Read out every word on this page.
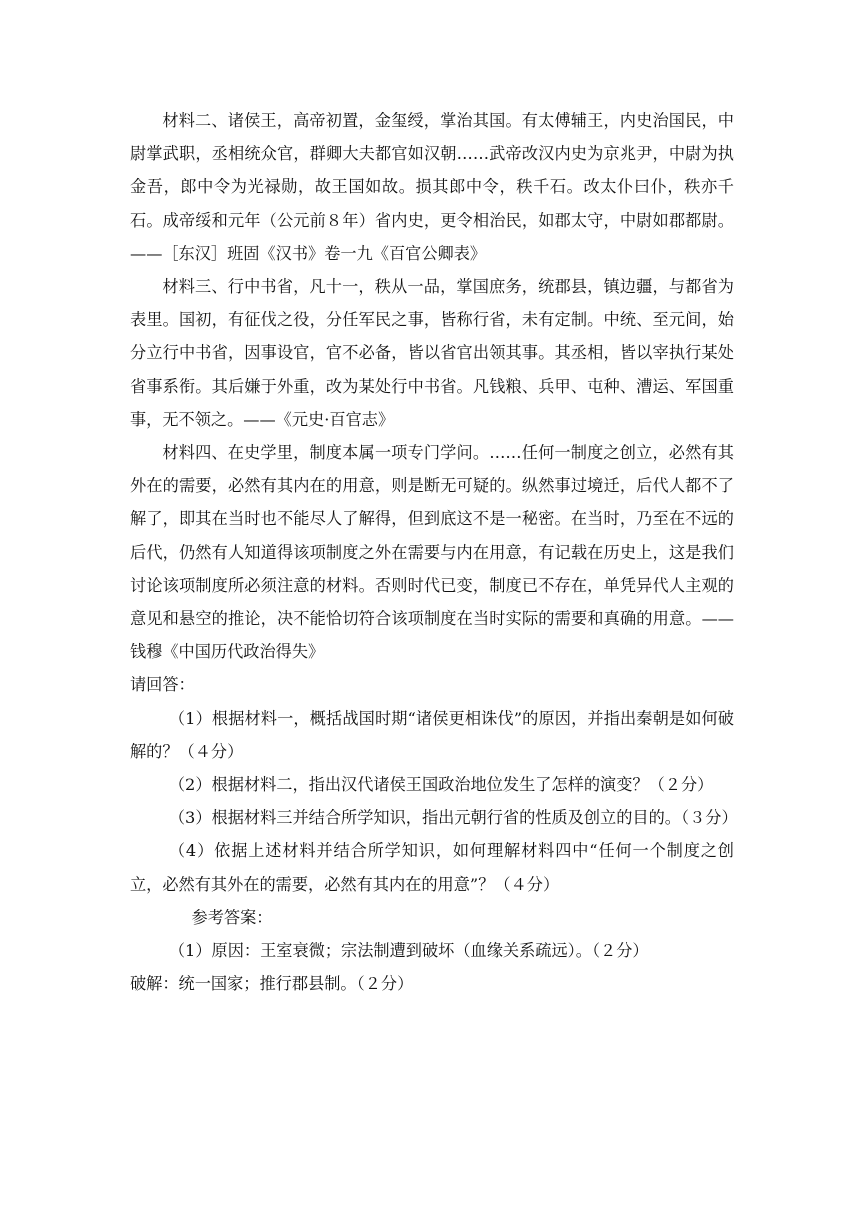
材料二、诸侯王，高帝初置，金玺绶，掌治其国。有太傅辅王，内史治国民，中尉掌武职，丞相统众官，群卿大夫都官如汉朝……武帝改汉内史为京兆尹，中尉为执金吾，郎中令为光禄勋，故王国如故。损其郎中令，秩千石。改太仆曰仆，秩亦千石。成帝绥和元年（公元前８年）省内史，更令相治民，如郡太守，中尉如郡都尉。——［东汉］班固《汉书》卷一九《百官公卿表》

材料三、行中书省，凡十一，秩从一品，掌国庶务，统郡县，镇边疆，与都省为表里。国初，有征伐之役，分任军民之事，皆称行省，未有定制。中统、至元间，始分立行中书省，因事设官，官不必备，皆以省官出领其事。其丞相，皆以宰执行某处省事系衔。其后嫌于外重，改为某处行中书省。凡钱粮、兵甲、屯种、漕运、军国重事，无不领之。——《元史·百官志》

材料四、在史学里，制度本属一项专门学问。……任何一制度之创立，必然有其外在的需要，必然有其内在的用意，则是断无可疑的。纵然事过境迁，后代人都不了解了，即其在当时也不能尽人了解得，但到底这不是一秘密。在当时，乃至在不远的后代，仍然有人知道得该项制度之外在需要与内在用意，有记载在历史上，这是我们讨论该项制度所必须注意的材料。否则时代已变，制度已不存在，单凭异代人主观的意见和悬空的推论，决不能恰切符合该项制度在当时实际的需要和真确的用意。——钱穆《中国历代政治得失》

请回答：

（1）根据材料一，概括战国时期“诸侯更相诛伐”的原因，并指出秦朝是如何破解的？（４分）

（2）根据材料二，指出汉代诸侯王国政治地位发生了怎样的演变？（２分）

（3）根据材料三并结合所学知识，指出元朝行省的性质及创立的目的。（３分）

（4）依据上述材料并结合所学知识，如何理解材料四中“任何一个制度之创立，必然有其外在的需要，必然有其内在的用意”？（４分）

参考答案：

（1）原因：王室衰微；宗法制遭到破坏（血缘关系疏远）。（２分）

破解：统一国家；推行郡县制。（２分）
